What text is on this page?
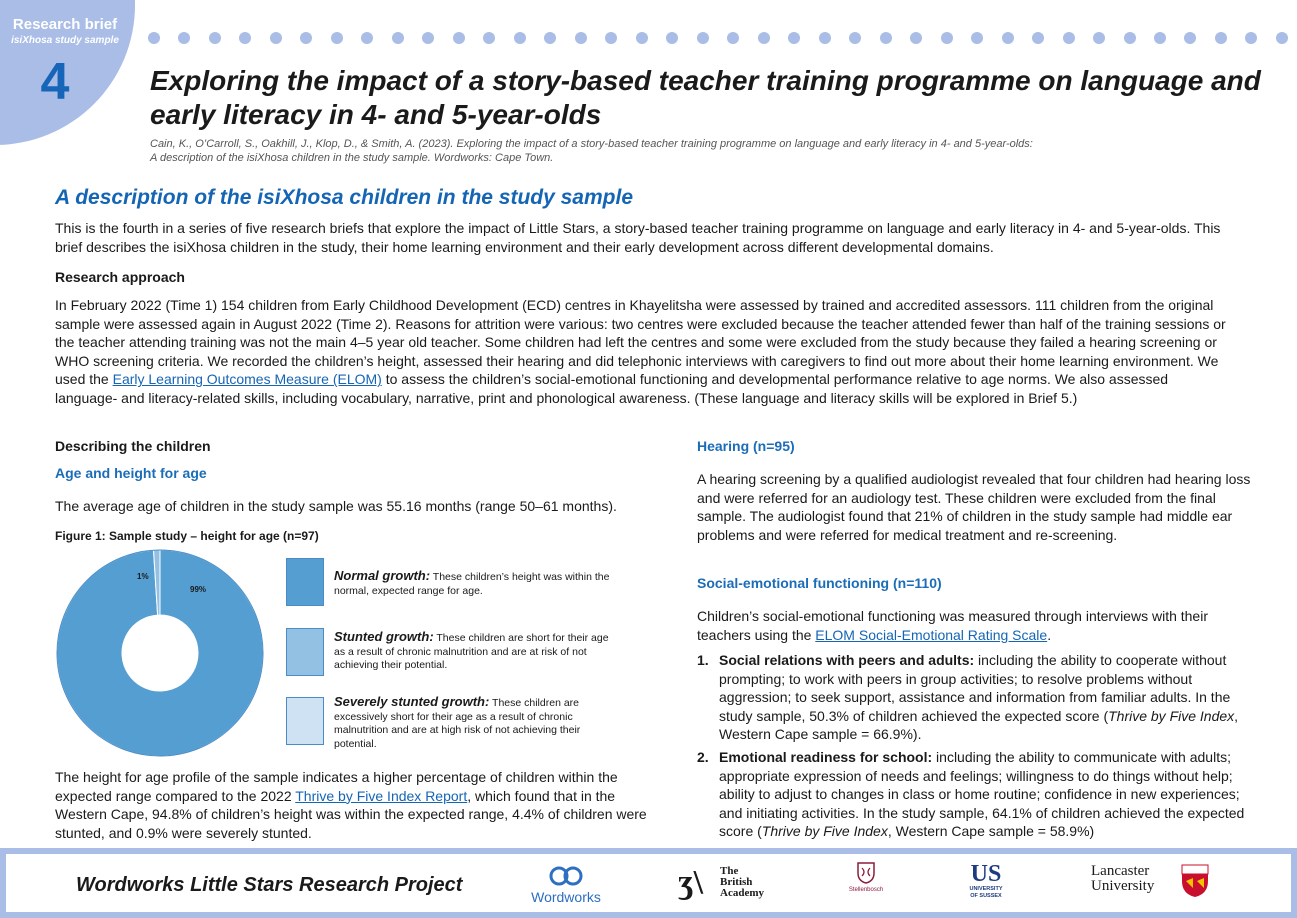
Research brief
isiXhosa study sample
4	Exploring the impact of a story-based teacher training programme on language and
early literacy in 4- and 5-year-olds
Cain, K., O’Carroll, S., Oakhill, J., Klop, D., & Smith, A. (2023). Exploring the impact of a story-based teacher training programme on language and early literacy in 4- and 5-year-olds:
A description of the isiXhosa children in the study sample. Wordworks: Cape Town.
A description of the isiXhosa children in the study sample
This is the fourth in a series of five research briefs that explore the impact of Little Stars, a story-based teacher training programme on language and early literacy in 4- and 5-year-olds. This brief describes the isiXhosa children in the study, their home learning environment and their early development across different developmental domains.
Research approach
In February 2022 (Time 1) 154 children from Early Childhood Development (ECD) centres in Khayelitsha were assessed by trained and accredited assessors. 111 children from the original sample were assessed again in August 2022 (Time 2). Reasons for attrition were various: two centres were excluded because the teacher attended fewer than half of the training sessions or the teacher attending training was not the main 4–5 year old teacher. Some children had left the centres and some were excluded from the study because they failed a hearing screening or WHO screening criteria. We recorded the children’s height, assessed their hearing and did telephonic interviews with caregivers to find out more about their home learning environment. We used the Early Learning Outcomes Measure (ELOM) to assess the children’s social-emotional functioning and developmental performance relative to age norms. We also assessed language- and literacy-related skills, including vocabulary, narrative, print and phonological awareness. (These language and literacy skills will be explored in Brief 5.)
Describing the children
Age and height for age
The average age of children in the study sample was 55.16 months (range 50–61 months).
Figure 1: Sample study – height for age (n=97)
99%
1%	Normal growth: These children’s height was within the normal, expected range for age.
Stunted growth: These children are short for their age as a result of chronic malnutrition and are at risk of not achieving their potential.
Severely stunted growth: These children are excessively short for their age as a result of chronic malnutrition and are at high risk of not achieving their potential.
The height for age profile of the sample indicates a higher percentage of children within the expected range compared to the 2022 Thrive by Five Index Report, which found that in the Western Cape, 94.8% of children’s height was within the expected range, 4.4% of children were stunted, and 0.9% were severely stunted.
Hearing (n=95)
A hearing screening by a qualified audiologist revealed that four children had hearing loss and were referred for an audiology test. These children were excluded from the final sample. The audiologist found that 21% of children in the study sample had middle ear problems and were referred for medical treatment and re-screening.
Social-emotional functioning (n=110)
Children’s social-emotional functioning was measured through interviews with their teachers using the ELOM Social-Emotional Rating Scale.
1. Social relations with peers and adults: including the ability to cooperate without prompting; to work with peers in group activities; to resolve problems without aggression; to seek support, assistance and information from familiar adults. In the study sample, 50.3% of children achieved the expected score (Thrive by Five Index, Western Cape sample = 66.9%).
2. Emotional readiness for school: including the ability to communicate with adults; appropriate expression of needs and feelings; willingness to do things without help; ability to adjust to changes in class or home routine; confidence in new experiences; and initiating activities. In the study sample, 64.1% of children achieved the expected score (Thrive by Five Index, Western Cape sample = 58.9%)
Wordworks Little Stars Research Project
Wordworks ʒ\ The
British
Academy	Stellenbosch
US
UNIVERSITY
OF SUSSEX
Lancaster
University
